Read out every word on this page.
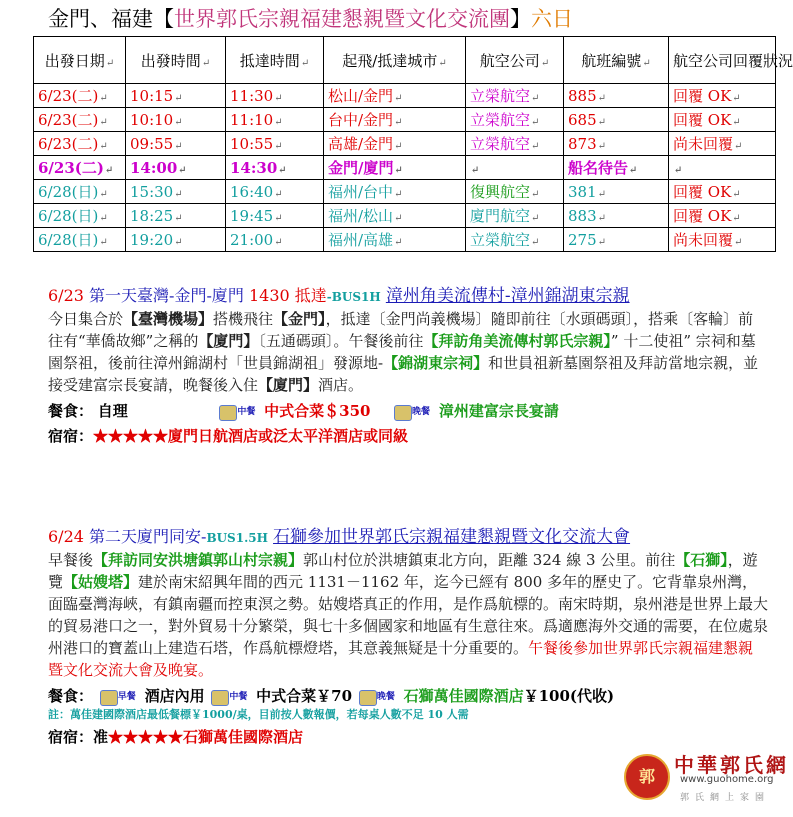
金門、福建【世界郭氏宗親福建懇親暨文化交流團】六日
出發日期 ↵	出發時間 ↵	抵達時間 ↵	起飛/抵達城市 ↵	航空公司 ↵	航班編號 ↵	航空公司回覆狀況
6/23(二) ↵	10:15 ↵	11:30 ↵	松山/金門 ↵	立榮航空 ↵	885 ↵	回覆 OK ↵
6/23(二) ↵	10:10 ↵	11:10 ↵	台中/金門 ↵	立榮航空 ↵	685 ↵	回覆 OK ↵
6/23(二) ↵	09:55 ↵	10:55 ↵	高雄/金門 ↵	立榮航空 ↵	873 ↵	尚未回覆 ↵
6/23(二) ↵	14:00 ↵	14:30 ↵	金門/廈門 ↵	↵	船名待告 ↵	↵
6/28(日) ↵	15:30 ↵	16:40 ↵	福州/台中 ↵	復興航空 ↵	381 ↵	回覆 OK ↵
6/28(日) ↵	18:25 ↵	19:45 ↵	福州/松山 ↵	廈門航空 ↵	883 ↵	回覆 OK ↵
6/28(日) ↵	19:20 ↵	21:00 ↵	福州/高雄 ↵	立榮航空 ↵	275 ↵	尚未回覆 ↵
6/23 第一天臺灣-金門-廈門 1430 抵達-BUS1H 漳州角美流傳村-漳州錦湖東宗親
今日集合於【臺灣機場】搭機飛往【金門】，抵達〔金門尚義機場〕隨即前往〔水頭碼頭〕，搭乘〔客輪〕前往有“華僑故鄉”之稱的【廈門】〔五通碼頭〕。午餐後前往【拜訪角美流傳村郭氏宗親】” 十二使祖” 宗祠和墓園祭祖，後前往漳州錦湖村「世員錦湖祖」發源地-【錦湖東宗祠】和世員祖新墓園祭祖及拜訪當地宗親，並接受建富宗長宴請，晚餐後入住【廈門】酒店。
餐食： 自理	中餐 中式合菜＄350	晚餐 漳州建富宗長宴請
宿宿：★★★★★廈門日航酒店或泛太平洋酒店或同級
6/24 第二天廈門同安-BUS1.5H 石獅參加世界郭氏宗親福建懇親暨文化交流大會
早餐後【拜訪同安洪塘鎮郭山村宗親】郭山村位於洪塘鎮東北方向，距離 324 線 3 公里。前往【石獅】，遊覽【姑嫂塔】建於南宋紹興年間的西元 1131－1162 年，迄今已經有 800 多年的歷史了。它背靠泉州灣，面臨臺灣海峽，有鎮南疆而控東溟之勢。姑嫂塔真正的作用，是作爲航標的。南宋時期，泉州港是世界上最大的貿易港口之一，對外貿易十分繁榮，與七十多個國家和地區有生意往來。爲適應海外交通的需要，在位處泉州港口的寶蓋山上建造石塔，作爲航標燈塔，其意義無疑是十分重要的。午餐後參加世界郭氏宗親福建懇親暨文化交流大會及晚宴。
餐食：	早餐 酒店內用	中餐 中式合菜￥70	晚餐 石獅萬佳國際酒店￥100(代收)
註：萬佳建國際酒店最低餐標￥1000/桌，目前按人數報價，若每桌人數不足 10 人需
宿宿：准★★★★★石獅萬佳國際酒店
郭 中華郭氏網
www.guohome.org
郭氏網上家園
